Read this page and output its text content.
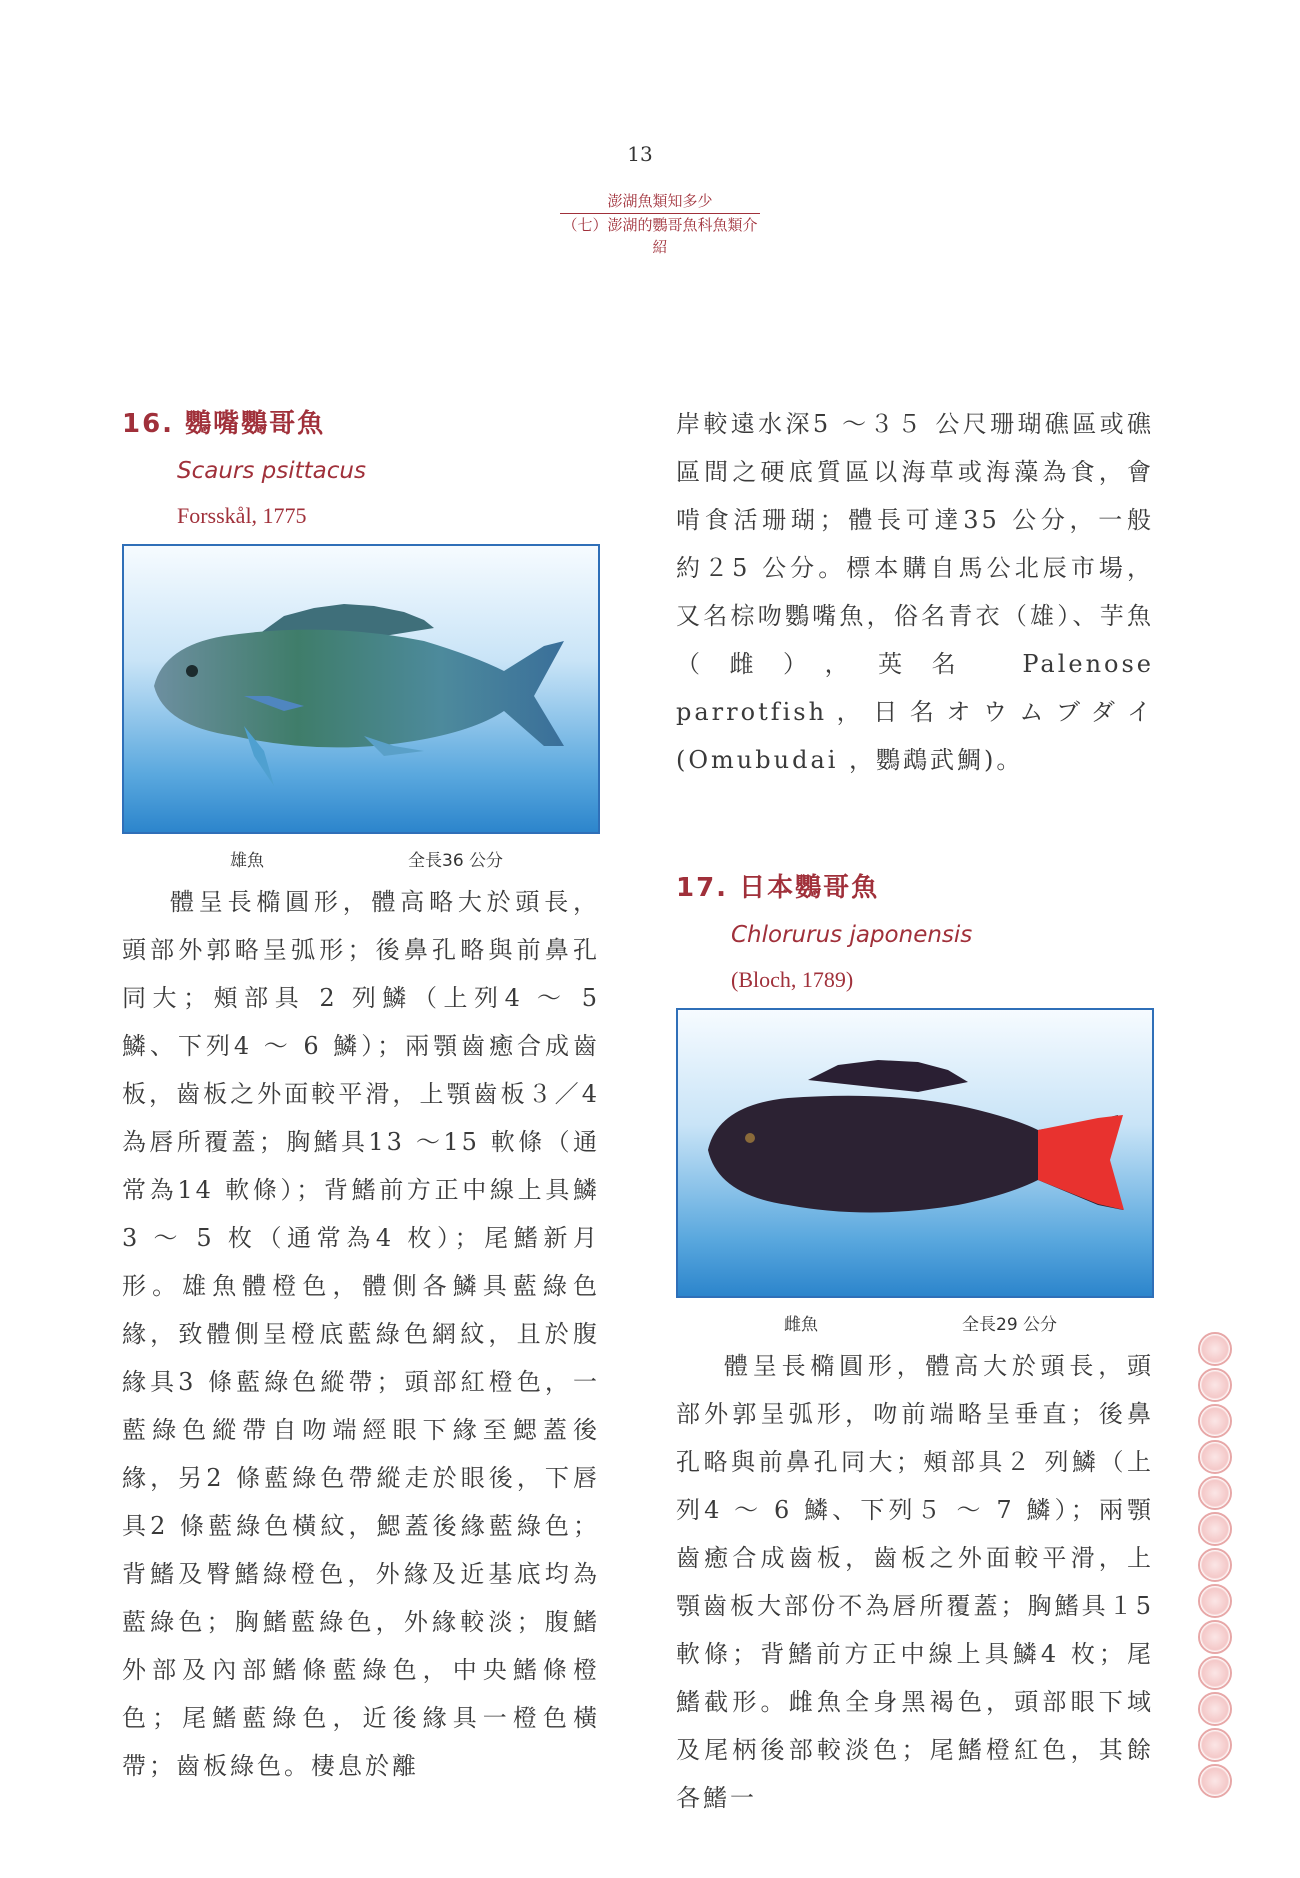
13
澎湖魚類知多少
（七）澎湖的鸚哥魚科魚類介紹
16. 鸚嘴鸚哥魚

Scaurs psittacus

Forsskål, 1775

雄魚	全長36 公分

體呈長橢圓形，體高略大於頭長，頭部外郭略呈弧形；後鼻孔略與前鼻孔同大；頰部具 2 列鱗（上列4 ～ 5 鱗、下列4 ～ 6 鱗）；兩顎齒癒合成齒板，齒板之外面較平滑，上顎齒板３／4 為唇所覆蓋；胸鰭具13 ～15 軟條（通常為14 軟條）；背鰭前方正中線上具鱗3 ～ 5 枚（通常為4 枚）；尾鰭新月形。雄魚體橙色，體側各鱗具藍綠色緣，致體側呈橙底藍綠色網紋，且於腹緣具3 條藍綠色縱帶；頭部紅橙色，一藍綠色縱帶自吻端經眼下緣至鰓蓋後緣，另2 條藍綠色帶縱走於眼後，下唇具2 條藍綠色橫紋，鰓蓋後緣藍綠色；背鰭及臀鰭綠橙色，外緣及近基底均為藍綠色；胸鰭藍綠色，外緣較淡；腹鰭外部及內部鰭條藍綠色，中央鰭條橙色；尾鰭藍綠色，近後緣具一橙色橫帶；齒板綠色。棲息於離

岸較遠水深5 ～３５ 公尺珊瑚礁區或礁區間之硬底質區以海草或海藻為食，會啃食活珊瑚；體長可達35 公分，一般約２5 公分。標本購自馬公北辰市場，又名棕吻鸚嘴魚，俗名青衣（雄）、芋魚（雌），英名 Palenose parrotfish，日名オウムブダイ(Omubudai ，鸚鵡武鯛)。

17. 日本鸚哥魚

Chlorurus japonensis

(Bloch, 1789)

雌魚	全長29 公分

體呈長橢圓形，體高大於頭長，頭部外郭呈弧形，吻前端略呈垂直；後鼻孔略與前鼻孔同大；頰部具２ 列鱗（上列4 ～ 6 鱗、下列５ ～ 7 鱗）；兩顎齒癒合成齒板，齒板之外面較平滑，上顎齒板大部份不為唇所覆蓋；胸鰭具１5 軟條；背鰭前方正中線上具鱗4 枚；尾鰭截形。雌魚全身黑褐色，頭部眼下域及尾柄後部較淡色；尾鰭橙紅色，其餘各鰭一
